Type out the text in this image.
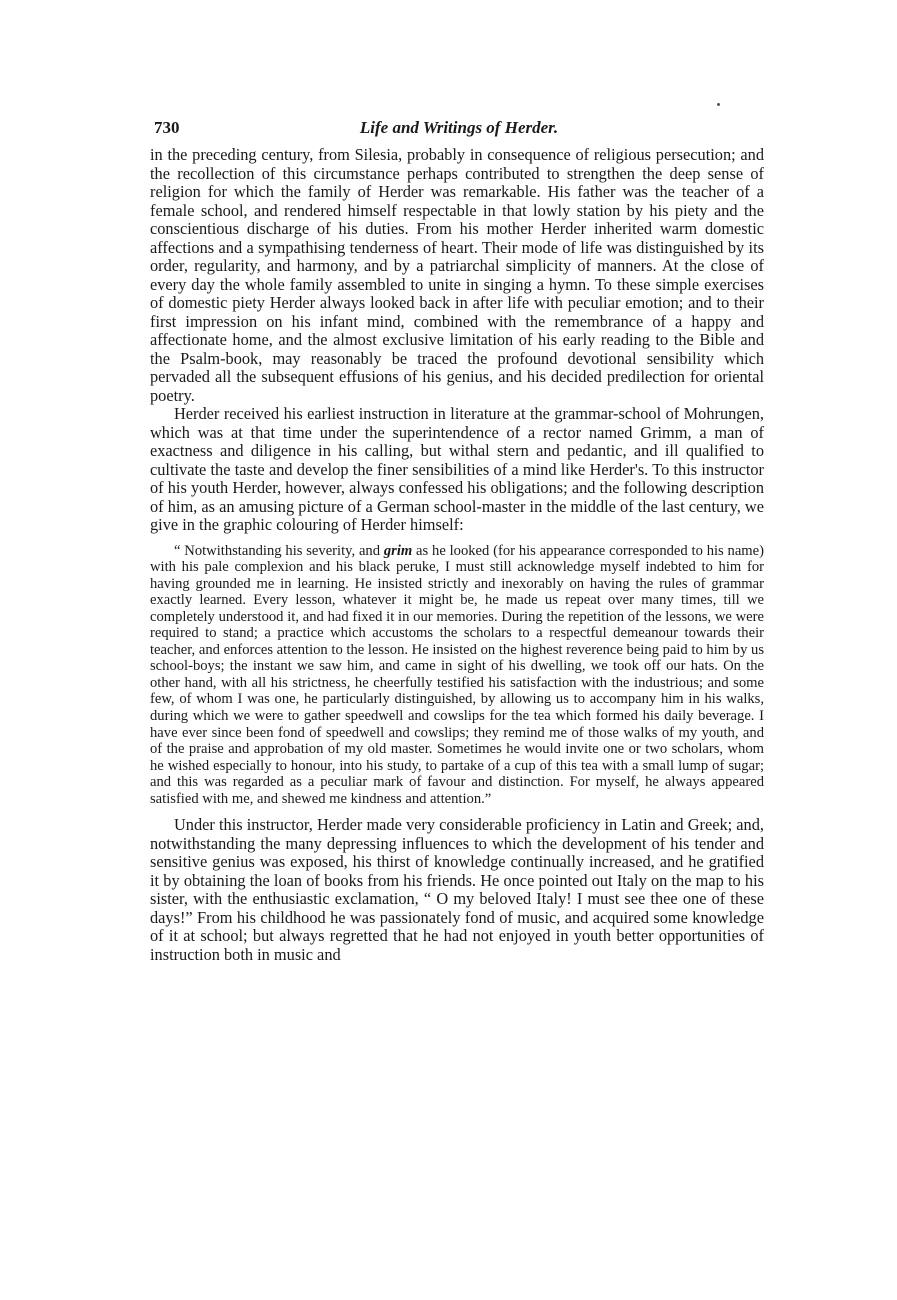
730	Life and Writings of Herder.

in the preceding century, from Silesia, probably in consequence of religious persecution; and the recollection of this circumstance perhaps contributed to strengthen the deep sense of religion for which the family of Herder was remarkable. His father was the teacher of a female school, and rendered himself respectable in that lowly station by his piety and the conscientious discharge of his duties. From his mother Herder inherited warm domestic affections and a sympathising tenderness of heart. Their mode of life was distinguished by its order, regularity, and harmony, and by a patriarchal simplicity of manners. At the close of every day the whole family assembled to unite in singing a hymn. To these simple exercises of domestic piety Herder always looked back in after life with peculiar emotion; and to their first impression on his infant mind, combined with the remembrance of a happy and affectionate home, and the almost exclusive limitation of his early reading to the Bible and the Psalm-book, may reasonably be traced the profound devotional sensibility which pervaded all the subsequent effusions of his genius, and his decided predilection for oriental poetry.

Herder received his earliest instruction in literature at the grammar-school of Mohrungen, which was at that time under the superintendence of a rector named Grimm, a man of exactness and diligence in his calling, but withal stern and pedantic, and ill qualified to cultivate the taste and develop the finer sensibilities of a mind like Herder's. To this instructor of his youth Herder, however, always confessed his obligations; and the following description of him, as an amusing picture of a German school-master in the middle of the last century, we give in the graphic colouring of Herder himself:

“ Notwithstanding his severity, and grim as he looked (for his appearance corresponded to his name) with his pale complexion and his black peruke, I must still acknowledge myself indebted to him for having grounded me in learning. He insisted strictly and inexorably on having the rules of grammar exactly learned. Every lesson, whatever it might be, he made us repeat over many times, till we completely understood it, and had fixed it in our memories. During the repetition of the lessons, we were required to stand; a practice which accustoms the scholars to a respectful demeanour towards their teacher, and enforces attention to the lesson. He insisted on the highest reverence being paid to him by us school-boys; the instant we saw him, and came in sight of his dwelling, we took off our hats. On the other hand, with all his strictness, he cheerfully testified his satisfaction with the industrious; and some few, of whom I was one, he particularly distinguished, by allowing us to accompany him in his walks, during which we were to gather speedwell and cowslips for the tea which formed his daily beverage. I have ever since been fond of speedwell and cowslips; they remind me of those walks of my youth, and of the praise and approbation of my old master. Sometimes he would invite one or two scholars, whom he wished especially to honour, into his study, to partake of a cup of this tea with a small lump of sugar; and this was regarded as a peculiar mark of favour and distinction. For myself, he always appeared satisfied with me, and shewed me kindness and attention.”

Under this instructor, Herder made very considerable proficiency in Latin and Greek; and, notwithstanding the many depressing influences to which the development of his tender and sensitive genius was exposed, his thirst of knowledge continually increased, and he gratified it by obtaining the loan of books from his friends. He once pointed out Italy on the map to his sister, with the enthusiastic exclamation, “ O my beloved Italy! I must see thee one of these days!” From his childhood he was passionately fond of music, and acquired some knowledge of it at school; but always regretted that he had not enjoyed in youth better opportunities of instruction both in music and
